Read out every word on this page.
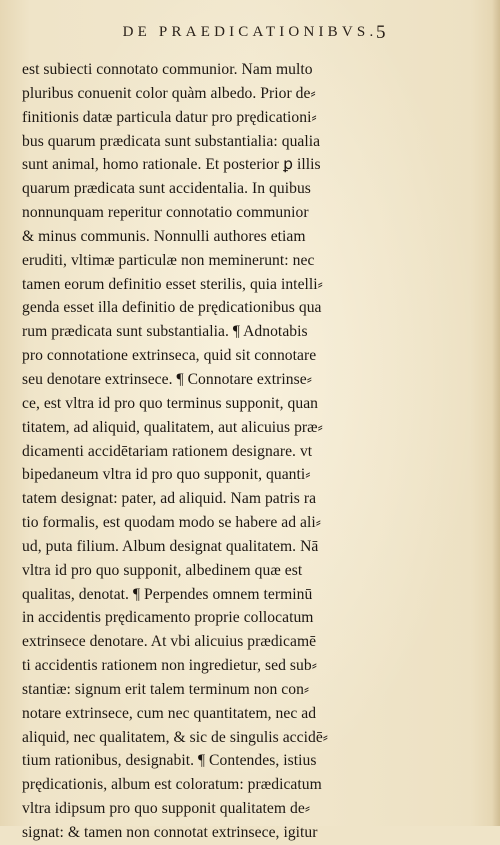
DE PRAEDICATIONIBVS.
5
est subiecti connotato communior. Nam multo
pluribus conuenit color quàm albedo. Prior de⸗
finitionis datæ particula datur pro prędicationi⸗
bus quarum prædicata sunt substantialia: qualia
sunt animal, homo rationale. Et posterior ꝑ illis
quarum prædicata sunt accidentalia. In quibus
nonnunquam reperitur connotatio communior
& minus communis. Nonnulli authores etiam
eruditi, vltimæ particulæ non meminerunt: nec
tamen eorum definitio esset sterilis, quia intelli⸗
genda esset illa definitio de prędicationibus qua
rum prædicata sunt substantialia. ¶ Adnotabis
pro connotatione extrinseca, quid sit connotare
seu denotare extrinsece. ¶ Connotare extrinse⸗
ce, est vltra id pro quo terminus supponit, quan
titatem, ad aliquid, qualitatem, aut alicuius præ⸗
dicamenti accidētariam rationem designare. vt
bipedaneum vltra id pro quo supponit, quanti⸗
tatem designat: pater, ad aliquid. Nam patris ra
tio formalis, est quodam modo se habere ad ali⸗
ud, puta filium. Album designat qualitatem. Nā
vltra id pro quo supponit, albedinem quæ est
qualitas, denotat. ¶ Perpendes omnem terminū
in accidentis prędicamento proprie collocatum
extrinsece denotare. At vbi alicuius prædicamē
ti accidentis rationem non ingredietur, sed sub⸗
stantiæ: signum erit talem terminum non con⸗
notare extrinsece, cum nec quantitatem, nec ad
aliquid, nec qualitatem, & sic de singulis accidē⸗
tium rationibus, designabit. ¶ Contendes, istius
prędicationis, album est coloratum: prædicatum
vltra idipsum pro quo supponit qualitatem de⸗
signat: & tamen non connotat extrinsece, igitur
